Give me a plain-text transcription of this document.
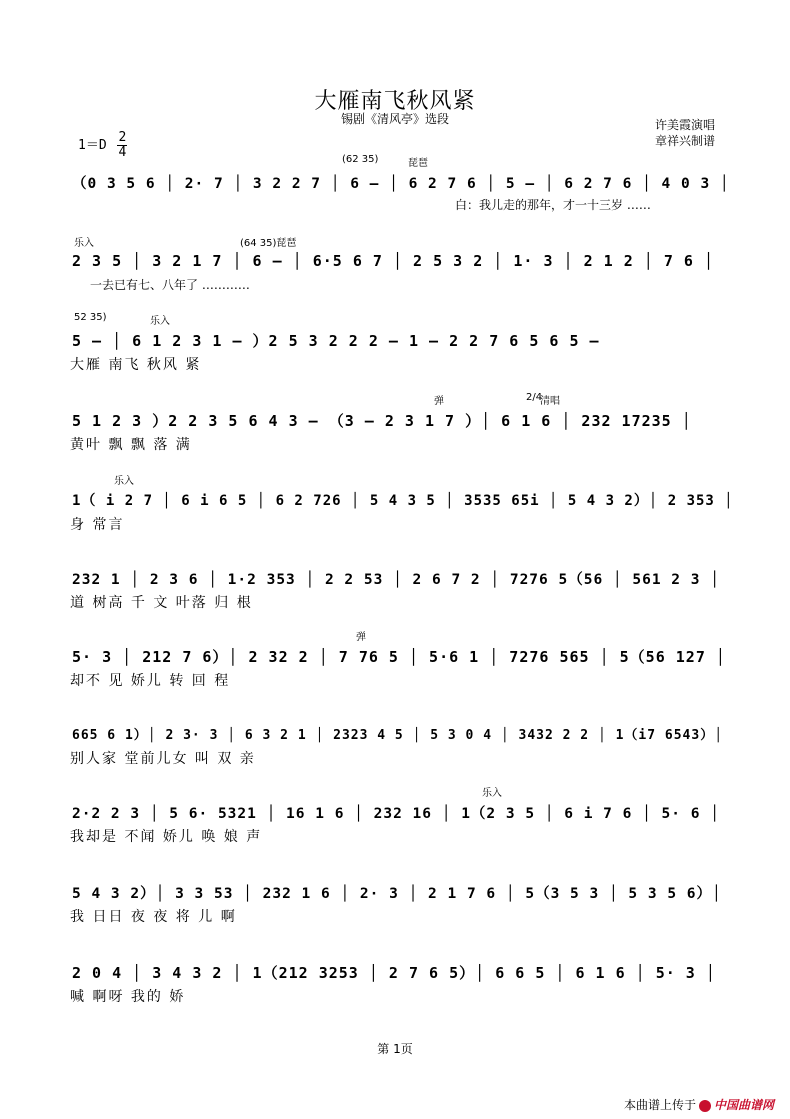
大雁南飞秋风紧
锡剧《清风亭》选段	许美霞演唱
章祥兴制谱
$1=D \frac{2}{4}$
（0 3 5 6 │ 2· 7 │ 3 2 2 7 │ 6 — │ 6 2 7 6 │ 5 — │ 6 2 7 6 │ 4 0 3 │
白：我儿走的那年，才一十三岁 ……
(62 35)	琵琶
2 3 5 │ 3 2 1 7 │ 6 — │ 6·5 6 7 │ 2 5 3 2 │ 1· 3 │ 2 1 2 │ 7 6 │
一去已有七、八年了 …………
乐入	(64 35)琵琶
5 — │ 6 1 2 3 1 — ）2 5 3 2 2 2 — 1 — 2 2 7 6 5 6 5 —
大雁 南飞 秋风 紧
52 35)	乐入
5 1 2 3 ）2 2 3 5 6 4 3 — （3 — 2 3 1 7 ）│ 6 1 6 │ 232 17235 │
黄叶 飘 飘 落 满
弹	清唱
2/4
1（ i 2 7 │ 6 i 6 5 │ 6 2 726 │ 5 4 3 5 │ 3535 65i │ 5 4 3 2）│ 2 353 │
身 常言
乐入
232 1 │ 2 3 6 │ 1·2 353 │ 2 2 53 │ 2 6 7 2 │ 7276 5（56 │ 561 2 3 │
道 树高 千 文 叶落 归 根
5· 3 │ 212 7 6）│ 2 32 2 │ 7 76 5 │ 5·6 1 │ 7276 565 │ 5（56 127 │
却不 见 娇儿 转 回 程
弹
665 6 1）│ 2 3· 3 │ 6 3 2 1 │ 2323 4 5 │ 5 3 0 4 │ 3432 2 2 │ 1（i7 6543）│
别人家 堂前儿女 叫 双 亲
2·2 2 3 │ 5 6· 5321 │ 16 1 6 │ 232 16 │ 1（2 3 5 │ 6 i 7 6 │ 5· 6 │
我却是 不闻 娇儿 唤 娘 声
乐入
5 4 3 2）│ 3 3 53 │ 232 1 6 │ 2· 3 │ 2 1 7 6 │ 5（3 5 3 │ 5 3 5 6）│
我 日日 夜 夜 将 儿 啊
2 0 4 │ 3 4 3 2 │ 1（212 3253 │ 2 7 6 5）│ 6 6 5 │ 6 1 6 │ 5· 3 │
喊 啊呀 我的 娇
第 1页
本曲谱上传于 中国曲谱网
